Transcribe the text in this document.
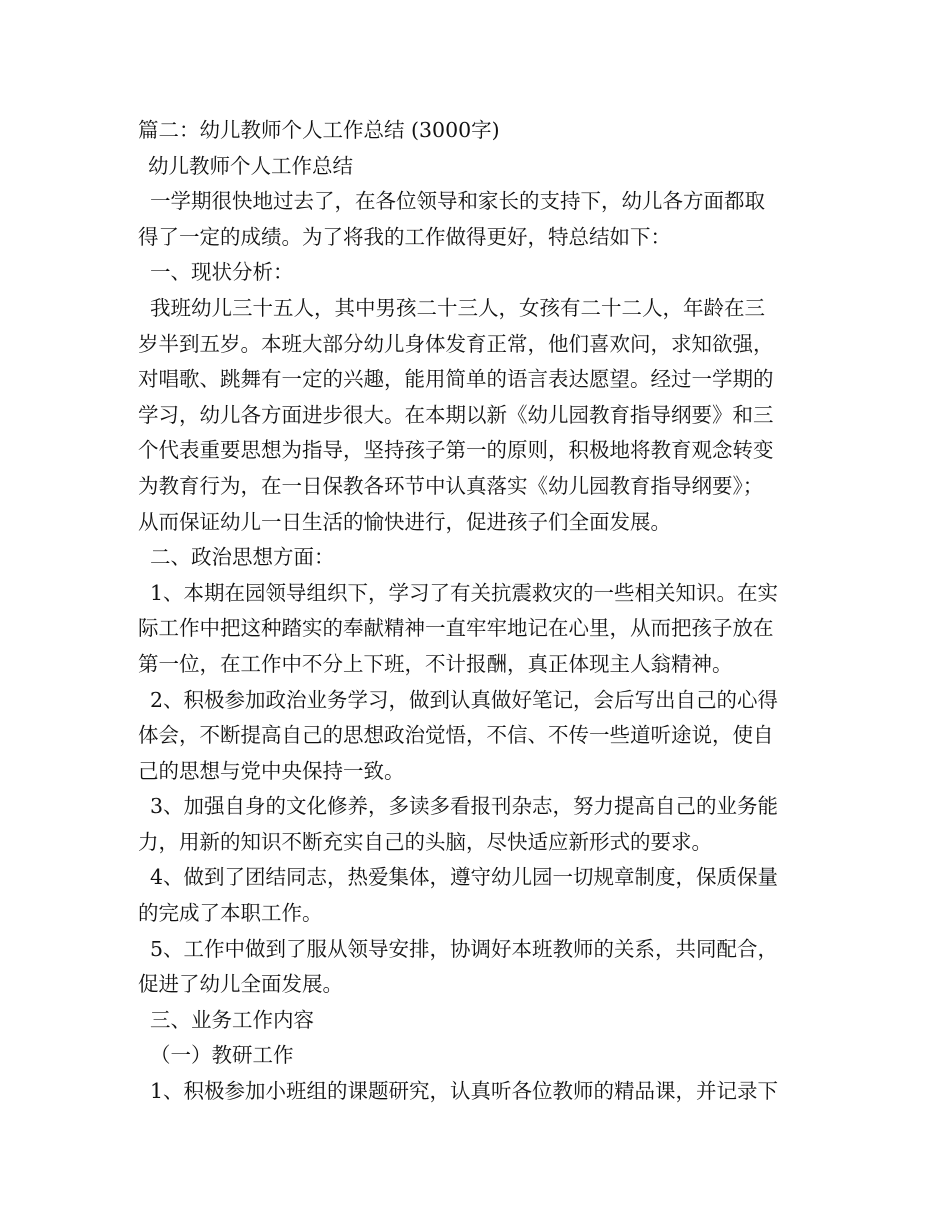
篇二：幼儿教师个人工作总结 (3000字)
幼儿教师个人工作总结
一学期很快地过去了，在各位领导和家长的支持下，幼儿各方面都取
得了一定的成绩。为了将我的工作做得更好，特总结如下：
一、现状分析：
我班幼儿三十五人，其中男孩二十三人，女孩有二十二人，年龄在三
岁半到五岁。本班大部分幼儿身体发育正常，他们喜欢问，求知欲强，
对唱歌、跳舞有一定的兴趣，能用简单的语言表达愿望。经过一学期的
学习，幼儿各方面进步很大。在本期以新《幼儿园教育指导纲要》和三
个代表重要思想为指导，坚持孩子第一的原则，积极地将教育观念转变
为教育行为，在一日保教各环节中认真落实《幼儿园教育指导纲要》；
从而保证幼儿一日生活的愉快进行，促进孩子们全面发展。
二、政治思想方面：
1、本期在园领导组织下，学习了有关抗震救灾的一些相关知识。在实
际工作中把这种踏实的奉献精神一直牢牢地记在心里，从而把孩子放在
第一位，在工作中不分上下班，不计报酬，真正体现主人翁精神。
2、积极参加政治业务学习，做到认真做好笔记，会后写出自己的心得
体会，不断提高自己的思想政治觉悟，不信、不传一些道听途说，使自
己的思想与党中央保持一致。
3、加强自身的文化修养，多读多看报刊杂志，努力提高自己的业务能
力，用新的知识不断充实自己的头脑，尽快适应新形式的要求。
4、做到了团结同志，热爱集体，遵守幼儿园一切规章制度，保质保量
的完成了本职工作。
5、工作中做到了服从领导安排，协调好本班教师的关系，共同配合，
促进了幼儿全面发展。
三、业务工作内容
（一）教研工作
1、积极参加小班组的课题研究，认真听各位教师的精品课，并记录下
